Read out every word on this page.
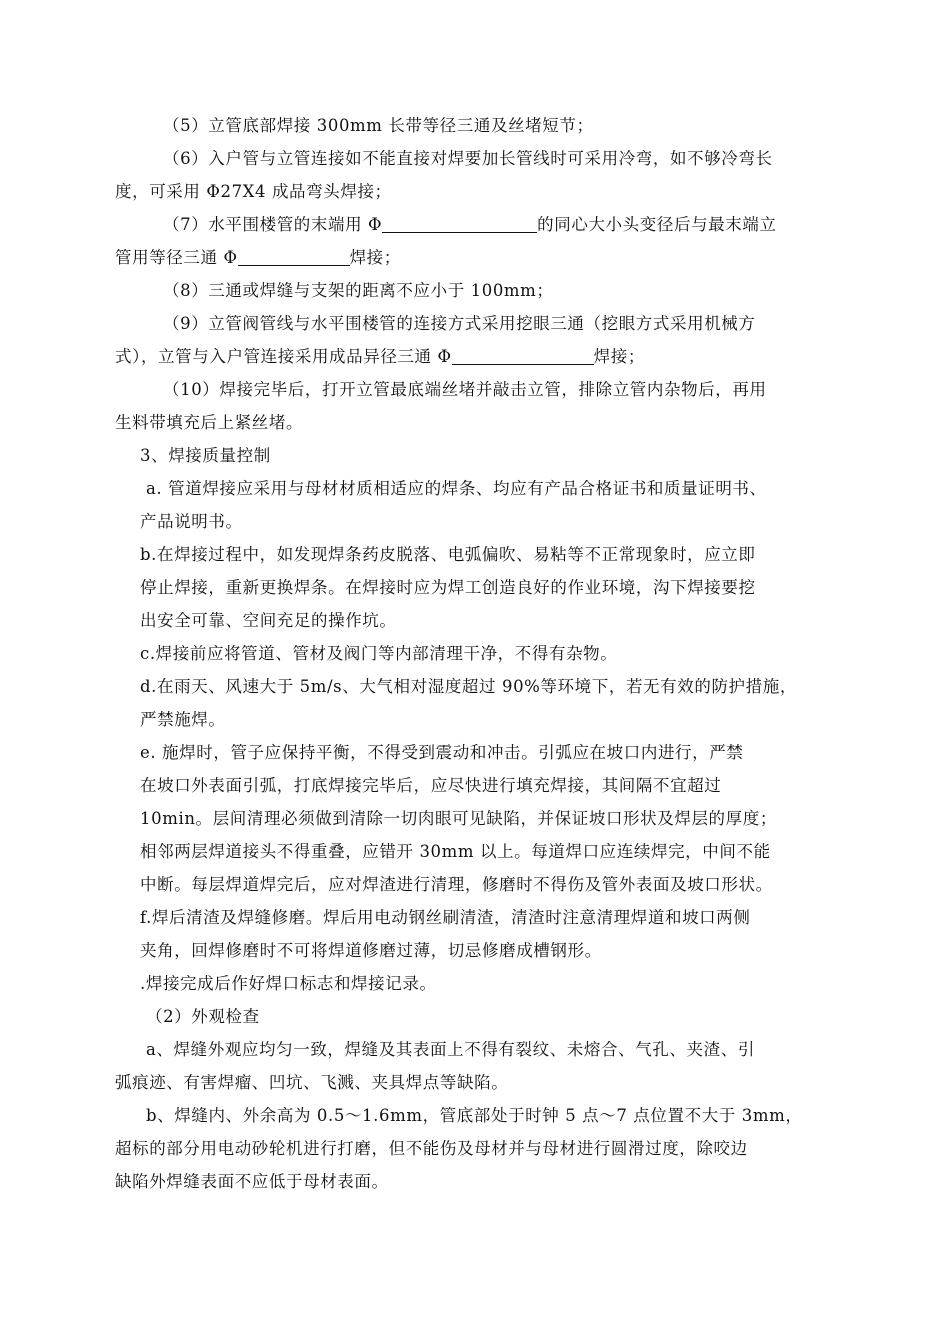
（5）立管底部焊接 300mm 长带等径三通及丝堵短节；
（6）入户管与立管连接如不能直接对焊要加长管线时可采用冷弯，如不够冷弯长
度，可采用 Φ27X4 成品弯头焊接；
（7）水平围楼管的末端用 Φ	的同心大小头变径后与最末端立
管用等径三通 Φ	焊接；
（8）三通或焊缝与支架的距离不应小于 100mm；
（9）立管阀管线与水平围楼管的连接方式采用挖眼三通（挖眼方式采用机械方
式），立管与入户管连接采用成品异径三通 Φ	焊接；
（10）焊接完毕后，打开立管最底端丝堵并敲击立管，排除立管内杂物后，再用
生料带填充后上紧丝堵。
3、焊接质量控制
a. 管道焊接应采用与母材材质相适应的焊条、均应有产品合格证书和质量证明书、
产品说明书。
b.在焊接过程中，如发现焊条药皮脱落、电弧偏吹、易粘等不正常现象时，应立即
停止焊接，重新更换焊条。在焊接时应为焊工创造良好的作业环境，沟下焊接要挖
出安全可靠、空间充足的操作坑。
c.焊接前应将管道、管材及阀门等内部清理干净，不得有杂物。
d.在雨天、风速大于 5m/s、大气相对湿度超过 90%等环境下，若无有效的防护措施，
严禁施焊。
e. 施焊时，管子应保持平衡，不得受到震动和冲击。引弧应在坡口内进行，严禁
在坡口外表面引弧，打底焊接完毕后，应尽快进行填充焊接，其间隔不宜超过
10min。层间清理必须做到清除一切肉眼可见缺陷，并保证坡口形状及焊层的厚度；
相邻两层焊道接头不得重叠，应错开 30mm 以上。每道焊口应连续焊完，中间不能
中断。每层焊道焊完后，应对焊渣进行清理，修磨时不得伤及管外表面及坡口形状。
f.焊后清渣及焊缝修磨。焊后用电动钢丝刷清渣，清渣时注意清理焊道和坡口两侧
夹角，回焊修磨时不可将焊道修磨过薄，切忌修磨成槽钢形。
.焊接完成后作好焊口标志和焊接记录。
（2）外观检查
a、焊缝外观应均匀一致，焊缝及其表面上不得有裂纹、未熔合、气孔、夹渣、引
弧痕迹、有害焊瘤、凹坑、飞溅、夹具焊点等缺陷。
b、焊缝内、外余高为 0.5～1.6mm，管底部处于时钟 5 点～7 点位置不大于 3mm，
超标的部分用电动砂轮机进行打磨，但不能伤及母材并与母材进行圆滑过度，除咬边
缺陷外焊缝表面不应低于母材表面。
